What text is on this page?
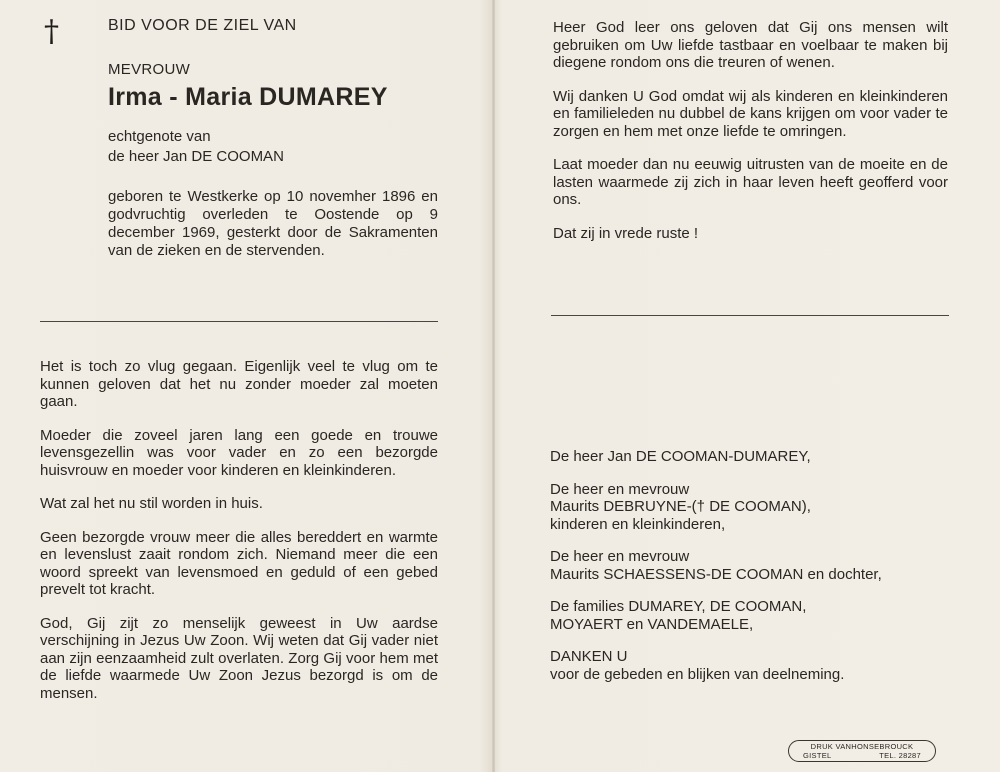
†	BID VOOR DE ZIEL VAN
MEVROUW
Irma - Maria DUMAREY
echtgenote van
de heer Jan DE COOMAN
geboren te Westkerke op 10 novemher 1896 en godvruchtig overleden te Oostende op 9 december 1969, gesterkt door de Sakramenten van de zieken en de stervenden.

Het is toch zo vlug gegaan. Eigenlijk veel te vlug om te kunnen geloven dat het nu zonder moeder zal moeten gaan.

Moeder die zoveel jaren lang een goede en trouwe levensgezellin was voor vader en zo een bezorgde huisvrouw en moeder voor kinderen en kleinkinderen.

Wat zal het nu stil worden in huis.

Geen bezorgde vrouw meer die alles bereddert en warmte en levenslust zaait rondom zich. Niemand meer die een woord spreekt van levensmoed en geduld of een gebed prevelt tot kracht.

God, Gij zijt zo menselijk geweest in Uw aardse verschijning in Jezus Uw Zoon. Wij weten dat Gij vader niet aan zijn eenzaamheid zult overlaten. Zorg Gij voor hem met de liefde waarmede Uw Zoon Jezus bezorgd is om de mensen.

Heer God leer ons geloven dat Gij ons mensen wilt gebruiken om Uw liefde tastbaar en voelbaar te maken bij diegene rondom ons die treuren of wenen.

Wij danken U God omdat wij als kinderen en kleinkinderen en familieleden nu dubbel de kans krijgen om voor vader te zorgen en hem met onze liefde te omringen.

Laat moeder dan nu eeuwig uitrusten van de moeite en de lasten waarmede zij zich in haar leven heeft geofferd voor ons.

Dat zij in vrede ruste !

De heer Jan DE COOMAN-DUMAREY,
De heer en mevrouw
Maurits DEBRUYNE-(† DE COOMAN),
kinderen en kleinkinderen,
De heer en mevrouw
Maurits SCHAESSENS-DE COOMAN en dochter,
De families DUMAREY, DE COOMAN,
MOYAERT en VANDEMAELE,
DANKEN U
voor de gebeden en blijken van deelneming.
DRUK VANHONSEBROUCK
GISTEL	TEL. 28287
